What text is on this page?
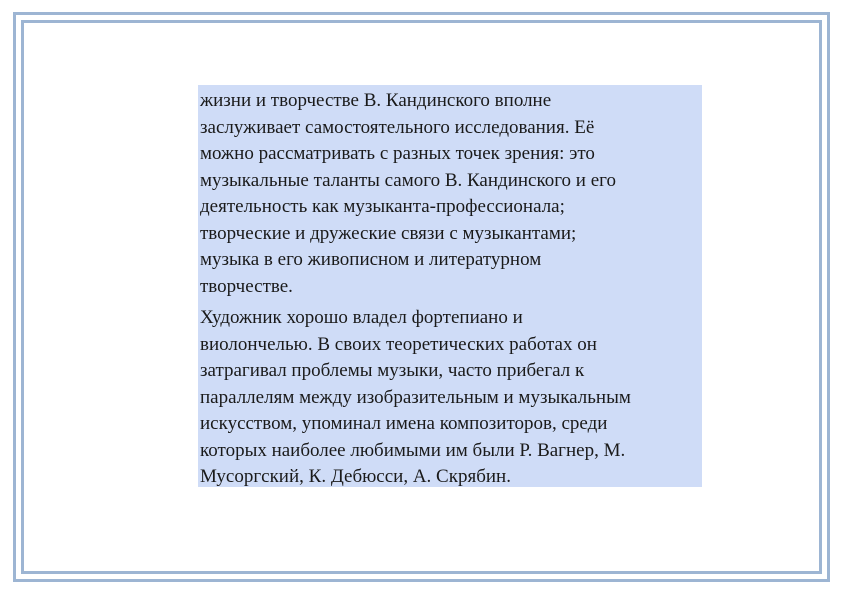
жизни и творчестве В. Кандинского вполне
заслуживает самостоятельного исследования. Её
можно рассматривать с разных точек зрения: это
музыкальные таланты самого В. Кандинского и его
деятельность как музыканта-профессионала;
творческие и дружеские связи с музыкантами;
музыка в его живописном и литературном
творчестве.

Художник хорошо владел фортепиано и
виолончелью. В своих теоретических работах он
затрагивал проблемы музыки, часто прибегал к
параллелям между изобразительным и музыкальным
искусством, упоминал имена композиторов, среди
которых наиболее любимыми им были Р. Вагнер, М.
Мусоргский, К. Дебюсси, А. Скрябин.
